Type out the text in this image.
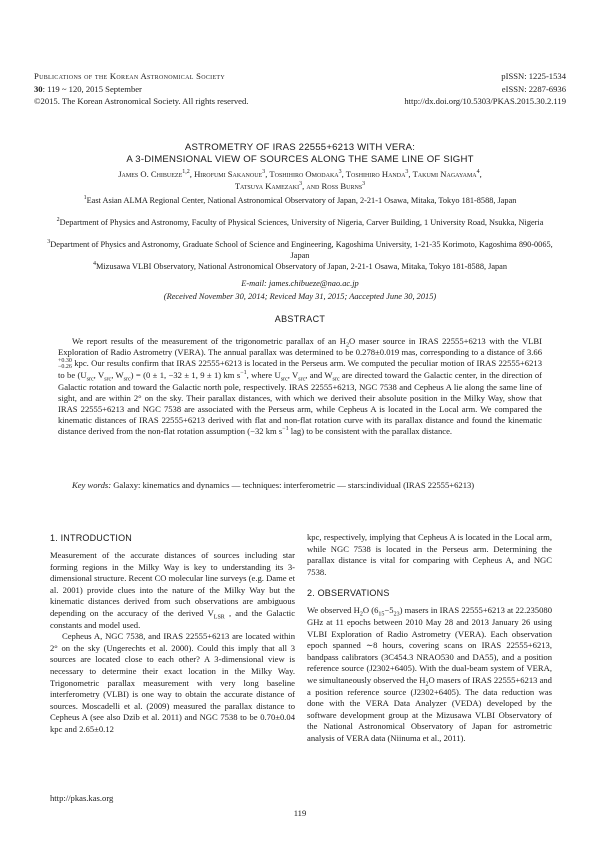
Publications of the Korean Astronomical Society
30: 119 ~ 120, 2015 September
©2015. The Korean Astronomical Society. All rights reserved.
pISSN: 1225-1534
eISSN: 2287-6936
http://dx.doi.org/10.5303/PKAS.2015.30.2.119
ASTROMETRY OF IRAS 22555+6213 WITH VERA:
A 3-DIMENSIONAL VIEW OF SOURCES ALONG THE SAME LINE OF SIGHT
James O. Chibueze$^{1,2}$, Hirofumi Sakanoue$^3$, Toshihiro Omodaka$^3$, Toshihiro Handa$^3$, Takumi Nagayama$^4$,
Tatsuya Kamezaki$^3$, and Ross Burns$^3$
$^1$East Asian ALMA Regional Center, National Astronomical Observatory of Japan, 2-21-1 Osawa, Mitaka, Tokyo 181-8588, Japan
$^2$Department of Physics and Astronomy, Faculty of Physical Sciences, University of Nigeria, Carver Building, 1 University Road, Nsukka, Nigeria
$^3$Department of Physics and Astronomy, Graduate School of Science and Engineering, Kagoshima University, 1-21-35 Korimoto, Kagoshima 890-0065, Japan
$^4$Mizusawa VLBI Observatory, National Astronomical Observatory of Japan, 2-21-1 Osawa, Mitaka, Tokyo 181-8588, Japan
E-mail: james.chibueze@nao.ac.jp
(Received November 30, 2014; Reviced May 31, 2015; Aaccepted June 30, 2015)
ABSTRACT

We report results of the measurement of the trigonometric parallax of an $H_2O$ maser source in IRAS 22555+6213 with the VLBI Exploration of Radio Astrometry (VERA). The annual parallax was determined to be 0.278±0.019 mas, corresponding to a distance of 3.66
+0.30
−0.26 kpc. Our results confirm that IRAS 22555+6213 is located in the Perseus arm. We computed the peculiar motion of IRAS 22555+6213 to be ($U_{src}$, $V_{src}$, $W_{src}) = (0 \pm 1$, −32 ± 1, 9 ± 1) km $s^{-1}$, where $U_{src}$, $V_{src}$, and $W_{src}$ are directed toward the Galactic center, in the direction of Galactic rotation and toward the Galactic north pole, respectively. IRAS 22555+6213, NGC 7538 and Cepheus A lie along the same line of sight, and are within 2° on the sky. Their parallax distances, with which we derived their absolute position in the Milky Way, show that IRAS 22555+6213 and NGC 7538 are associated with the Perseus arm, while Cepheus A is located in the Local arm. We compared the kinematic distances of IRAS 22555+6213 derived with flat and non-flat rotation curve with its parallax distance and found the kinematic distance derived from the non-flat rotation assumption (−32 km $s^{-1}$ lag) to be consistent with the parallax distance.

Key words: Galaxy: kinematics and dynamics — techniques: interferometric — stars:individual (IRAS 22555+6213)

1. INTRODUCTION

Measurement of the accurate distances of sources including star forming regions in the Milky Way is key to understanding its 3-dimensional structure. Recent CO molecular line surveys (e.g. Dame et al. 2001) provide clues into the nature of the Milky Way but the kinematic distances derived from such observations are ambiguous depending on the accuracy of the derived $V_{LSR}$ , and the Galactic constants and model used.

Cepheus A, NGC 7538, and IRAS 22555+6213 are located within 2° on the sky (Ungerechts et al. 2000). Could this imply that all 3 sources are located close to each other? A 3-dimensional view is necessary to determine their exact location in the Milky Way. Trigonometric parallax measurement with very long baseline interferometry (VLBI) is one way to obtain the accurate distance of sources. Moscadelli et al. (2009) measured the parallax distance to Cepheus A (see also Dzib et al. 2011) and NGC 7538 to be 0.70±0.04 kpc and 2.65±0.12

kpc, respectively, implying that Cepheus A is located in the Local arm, while NGC 7538 is located in the Perseus arm. Determining the parallax distance is vital for comparing with Cepheus A, and NGC 7538.

2. OBSERVATIONS

We observed $H_2O$ $(6_{15}-5_{23})$ masers in IRAS 22555+6213 at 22.235080 GHz at 11 epochs between 2010 May 28 and 2013 January 26 using VLBI Exploration of Radio Astrometry (VERA). Each observation epoch spanned ∼8 hours, covering scans on IRAS 22555+6213, bandpass calibrators (3C454.3 NRAO530 and DA55), and a position reference source (J2302+6405). With the dual-beam system of VERA, we simultaneously observed the $H_2O$ masers of IRAS 22555+6213 and a position reference source (J2302+6405). The data reduction was done with the VERA Data Analyzer (VEDA) developed by the software development group at the Mizusawa VLBI Observatory of the National Astronomical Observatory of Japan for astrometric analysis of VERA data (Niinuma et al., 2011).

http://pkas.kas.org
119
